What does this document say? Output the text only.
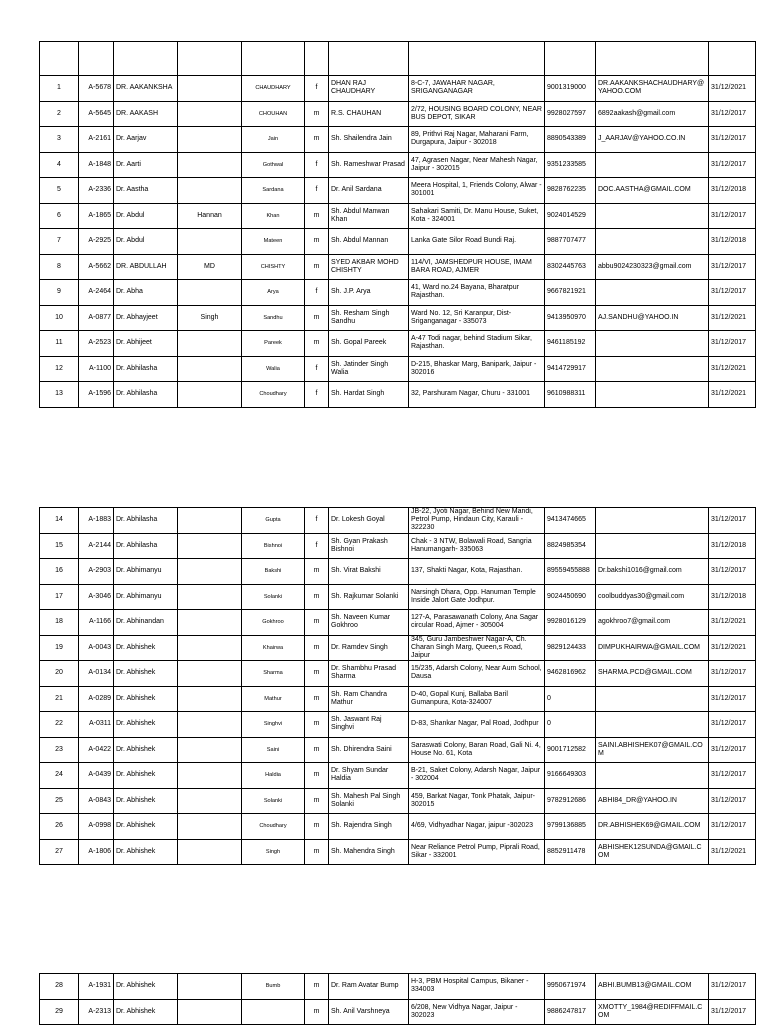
1	A-5678	DR. AAKANKSHA		CHAUDHARY	f	DHAN RAJ CHAUDHARY	8-C-7, JAWAHAR NAGAR, SRIGANGANAGAR	9001319000	DR.AAKANKSHACHAUDHARY@YAHOO.COM	31/12/2021
2	A-5645	DR. AAKASH		CHOUHAN	m	R.S. CHAUHAN	2/72, HOUSING BOARD COLONY, NEAR BUS DEPOT, SIKAR	9928027597	6892aakash@gmail.com	31/12/2017
3	A-2161	Dr. Aarjav		Jain	m	Sh. Shailendra Jain	89, Prithvi Raj Nagar, Maharani Farm, Durgapura, Jaipur - 302018	8890543389	J_AARJAV@YAHOO.CO.IN	31/12/2017
4	A-1848	Dr. Aarti		Gothwal	f	Sh. Rameshwar Prasad	47, Agrasen Nagar, Near Mahesh Nagar, Jaipur - 302015	9351233585		31/12/2017
5	A-2336	Dr. Aastha		Sardana	f	Dr. Anil Sardana	Meera Hospital, 1, Friends Colony, Alwar - 301001	9828762235	DOC.AASTHA@GMAIL.COM	31/12/2018
6	A-1865	Dr. Abdul	Hannan	Khan	m	Sh. Abdul Manwan Khan	Sahakari Samiti, Dr. Manu House, Suket, Kota - 324001	9024014529		31/12/2017
7	A-2925	Dr. Abdul		Mateen	m	Sh. Abdul Mannan	Lanka Gate Silor Road Bundi Raj.	9887707477		31/12/2018
8	A-5662	DR. ABDULLAH	MD	CHISHTY	m	SYED AKBAR MOHD CHISHTY	114/VI, JAMSHEDPUR HOUSE, IMAM BARA ROAD, AJMER	8302445763	abbu9024230323@gmail.com	31/12/2017
9	A-2464	Dr. Abha		Arya	f	Sh. J.P. Arya	41, Ward no.24 Bayana, Bharatpur Rajasthan.	9667821921		31/12/2017
10	A-0877	Dr. Abhayjeet	Singh	Sandhu	m	Sh. Resham Singh Sandhu	Ward No. 12, Sri Karanpur, Dist-Sriganganagar - 335073	9413950970	AJ.SANDHU@YAHOO.IN	31/12/2021
11	A-2523	Dr. Abhijeet		Pareek	m	Sh. Gopal Pareek	A-47 Todi nagar, behind Stadium Sikar, Rajasthan.	9461185192		31/12/2017
12	A-1100	Dr. Abhilasha		Walia	f	Sh. Jatinder Singh Walia	D-215, Bhaskar Marg, Banipark, Jaipur - 302016	9414729917		31/12/2021
13	A-1596	Dr. Abhilasha		Choudhary	f	Sh. Hardat Singh	32, Parshuram Nagar, Churu - 331001	9610988311		31/12/2021
14	A-1883	Dr. Abhilasha		Gupta	f	Dr. Lokesh Goyal	JB-22, Jyoti Nagar, Behind New Mandi, Petrol Pump, Hindaun City, Karauli - 322230	9413474665		31/12/2017
15	A-2144	Dr. Abhilasha		Bishnoi	f	Sh. Gyan Prakash Bishnoi	Chak - 3 NTW, Bolawali Road, Sangria Hanumangarh- 335063	8824985354		31/12/2018
16	A-2903	Dr. Abhimanyu		Bakshi	m	Sh. Virat Bakshi	137, Shakti Nagar, Kota, Rajasthan.	89559455888	Dr.bakshi1016@gmail.com	31/12/2017
17	A-3046	Dr. Abhimanyu		Solanki	m	Sh. Rajkumar Solanki	Narsingh Dhara, Opp. Hanuman Temple Inside Jalort Gate Jodhpur.	9024450690	coolbuddyas30@gmail.com	31/12/2018
18	A-1166	Dr. Abhinandan		Gokhroo	m	Sh. Naveen Kumar Gokhroo	127-A, Parasawanath Colony, Ana Sagar circular Road, Ajmer - 305004	9928016129	agokhroo7@gmail.com	31/12/2021
19	A-0043	Dr. Abhishek		Khairwa	m	Dr. Ramdev Singh	345, Guru Jambeshwer Nagar-A, Ch. Charan Singh Marg, Queen,s Road, Jaipur	9829124433	DIMPUKHAIRWA@GMAIL.COM	31/12/2021
20	A-0134	Dr. Abhishek		Sharma	m	Dr. Shambhu Prasad Sharma	15/235, Adarsh Colony, Near Aum School, Dausa	9462816962	SHARMA.PCD@GMAIL.COM	31/12/2017
21	A-0289	Dr. Abhishek		Mathur	m	Sh. Ram Chandra Mathur	D-40, Gopal Kunj, Ballaba Baril Gumanpura, Kota-324007	0		31/12/2017
22	A-0311	Dr. Abhishek		Singhvi	m	Sh. Jaswant Raj Singhvi	D-83, Shankar Nagar, Pal Road, Jodhpur	0		31/12/2017
23	A-0422	Dr. Abhishek		Saini	m	Sh. Dhirendra Saini	Saraswati Colony, Baran Road, Gali Ni. 4, House No. 61, Kota	9001712582	SAINI.ABHISHEK07@GMAIL.COM	31/12/2017
24	A-0439	Dr. Abhishek		Haldia	m	Dr. Shyam Sundar Haldia	B-21, Saket Colony, Adarsh Nagar, Jaipur - 302004	9166649303		31/12/2017
25	A-0843	Dr. Abhishek		Solanki	m	Sh. Mahesh Pal Singh Solanki	459, Barkat Nagar, Tonk Phatak, Jaipur-302015	9782912686	ABHI84_DR@YAHOO.IN	31/12/2017
26	A-0998	Dr. Abhishek		Choudhary	m	Sh. Rajendra Singh	4/69, Vidhyadhar Nagar, jaipur -302023	9799136885	DR.ABHISHEK69@GMAIL.COM	31/12/2017
27	A-1806	Dr. Abhishek		Singh	m	Sh. Mahendra Singh	Near Reliance Petrol Pump, Piprali Road, Sikar - 332001	8852911478	ABHISHEK12SUNDA@GMAIL.COM	31/12/2021
28	A-1931	Dr. Abhishek		Bumb	m	Dr. Ram Avatar Bump	H-3, PBM Hospital Campus, Bikaner - 334003	9950671974	ABHI.BUMB13@GMAIL.COM	31/12/2017
29	A-2313	Dr. Abhishek			m	Sh. Anil Varshneya	6/208, New Vidhya Nagar, Jaipur - 302023	9886247817	XMOTTY_1984@REDIFFMAIL.COM	31/12/2017
